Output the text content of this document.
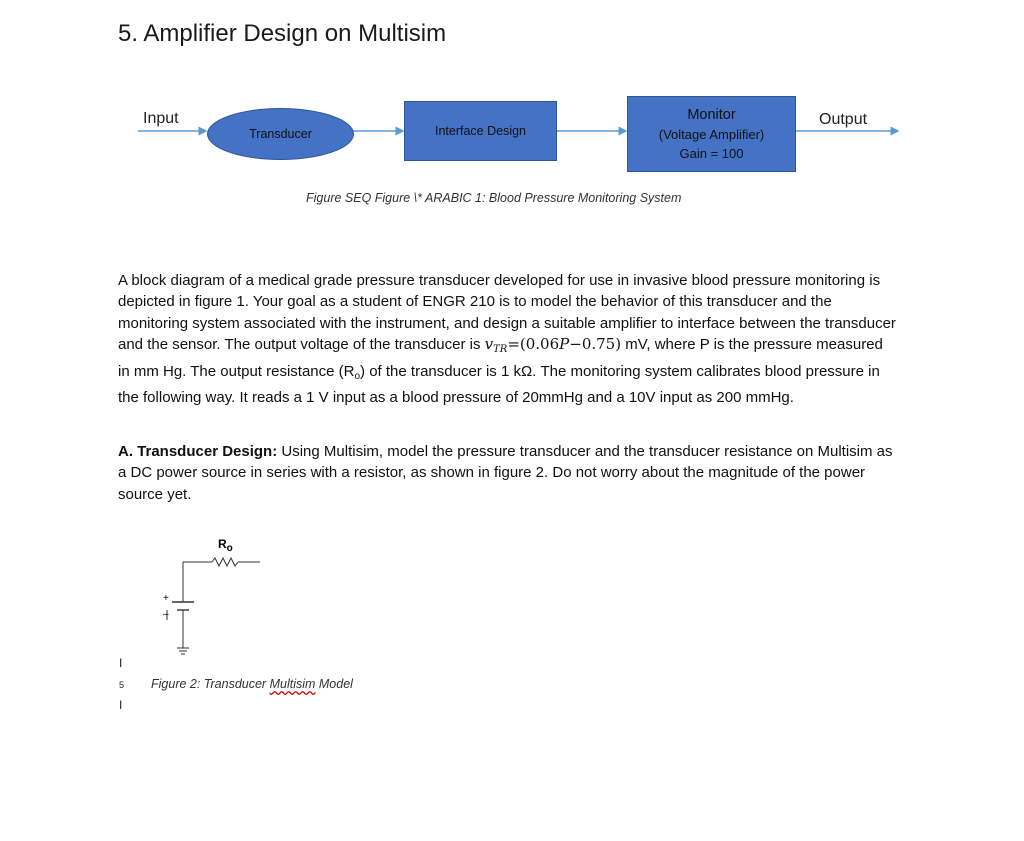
5. Amplifier Design on Multisim
Input
Transducer	Interface Design
Monitor
(Voltage Amplifier)
Gain = 100
Output
Figure SEQ Figure \* ARABIC 1: Blood Pressure Monitoring System

A block diagram of a medical grade pressure transducer developed for use in invasive blood pressure monitoring is depicted in figure 1. Your goal as a student of ENGR 210 is to model the behavior of this transducer and the monitoring system associated with the instrument, and design a suitable amplifier to interface between the transducer and the sensor. The output voltage of the transducer is $v_{TR}=(0.06P-0.75)$ mV, where P is the pressure measured in mm Hg. The output resistance $(R_o)$ of the transducer is 1 kΩ. The monitoring system calibrates blood pressure in the following way. It reads a 1 V input as a blood pressure of 20mmHg and a 10V input as 200 mmHg.

A. Transducer Design: Using Multisim, model the pressure transducer and the transducer resistance on Multisim as a DC power source in series with a resistor, as shown in figure 2. Do not worry about the magnitude of the power source yet.

$R_o$
+
–
Figure 2: Transducer Multisim Model
I
5
I
